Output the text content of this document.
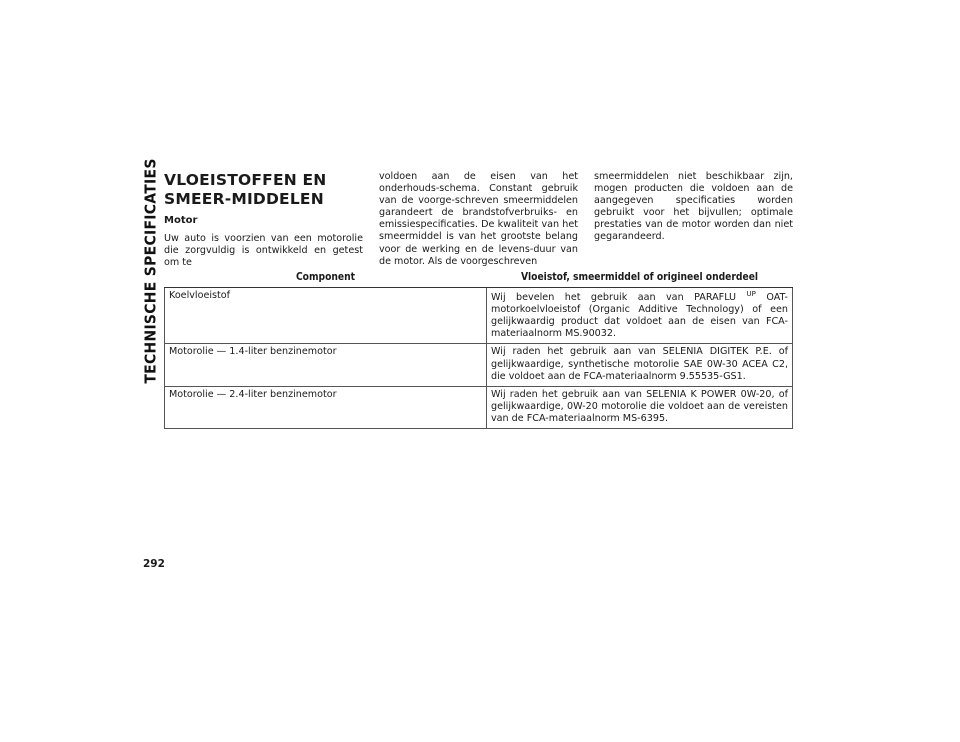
TECHNISCHE SPECIFICATIES VLOEISTOFFEN EN SMEER-MIDDELEN
Motor

Uw auto is voorzien van een motorolie die zorgvuldig is ontwikkeld en getest om te

voldoen aan de eisen van het onderhouds-schema. Constant gebruik van de voorge-schreven smeermiddelen garandeert de brandstofverbruiks- en emissiespecificaties. De kwaliteit van het smeermiddel is van het grootste belang voor de werking en de levens-duur van de motor. Als de voorgeschreven

smeermiddelen niet beschikbaar zijn, mogen producten die voldoen aan de aangegeven specificaties worden gebruikt voor het bijvullen; optimale prestaties van de motor worden dan niet gegarandeerd.

Component	Vloeistof, smeermiddel of origineel onderdeel
Koelvloeistof	Wij bevelen het gebruik aan van PARAFLU $^{UP}$ OAT-motorkoelvloeistof (Organic Additive Technology) of een gelijkwaardig product dat voldoet aan de eisen van FCA-materiaalnorm MS.90032.
Motorolie — 1.4-liter benzinemotor	Wij raden het gebruik aan van SELENIA DIGITEK P.E. of gelijkwaardige, synthetische motorolie SAE 0W-30 ACEA C2, die voldoet aan de FCA-materiaalnorm 9.55535-GS1.
Motorolie — 2.4-liter benzinemotor	Wij raden het gebruik aan van SELENIA K POWER 0W-20, of gelijkwaardige, 0W-20 motorolie die voldoet aan de vereisten van de FCA-materiaalnorm MS-6395.
292
